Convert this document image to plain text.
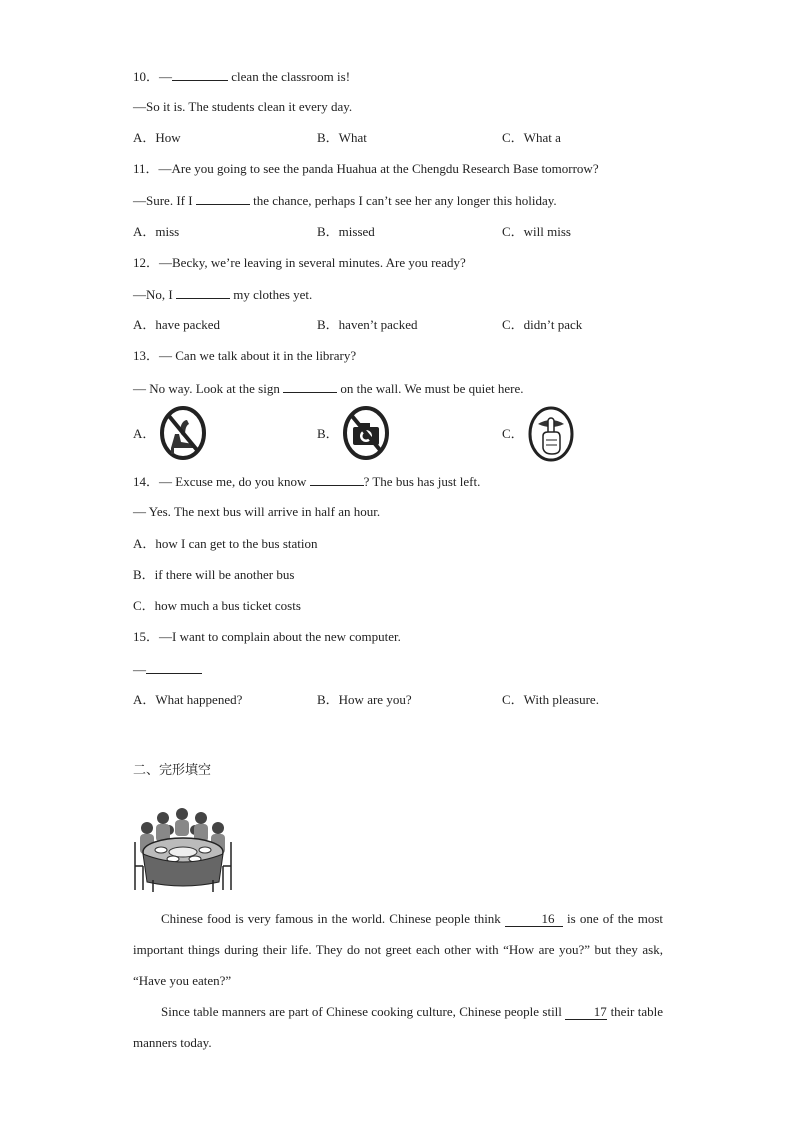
10．—	clean the classroom is!
—So it is. The students clean it every day.
A．How	B．What	C．What a
11．—Are you going to see the panda Huahua at the Chengdu Research Base tomorrow?
—Sure. If I	the chance, perhaps I can’t see her any longer this holiday.
A．miss	B．missed	C．will miss
12．—Becky, we’re leaving in several minutes. Are you ready?
—No, I	my clothes yet.
A．have packed	B．haven’t packed	C．didn’t pack
13．— Can we talk about it in the library?
— No way. Look at the sign	on the wall. We must be quiet here.
A．	B．	C．
14．— Excuse me, do you know	? The bus has just left.
— Yes. The next bus will arrive in half an hour.
A．how I can get to the bus station
B．if there will be another bus
C．how much a bus ticket costs
15．—I want to complain about the new computer.
—
A．What happened?	B．How are you?	C．With pleasure.
二、完形填空
Chinese food is very famous in the world. Chinese people think	16 is one of the most important things during their life. They do not greet each other with “How are you?” but they ask, “Have you eaten?”
Since table manners are part of Chinese cooking culture, Chinese people still 17 their table manners today.
